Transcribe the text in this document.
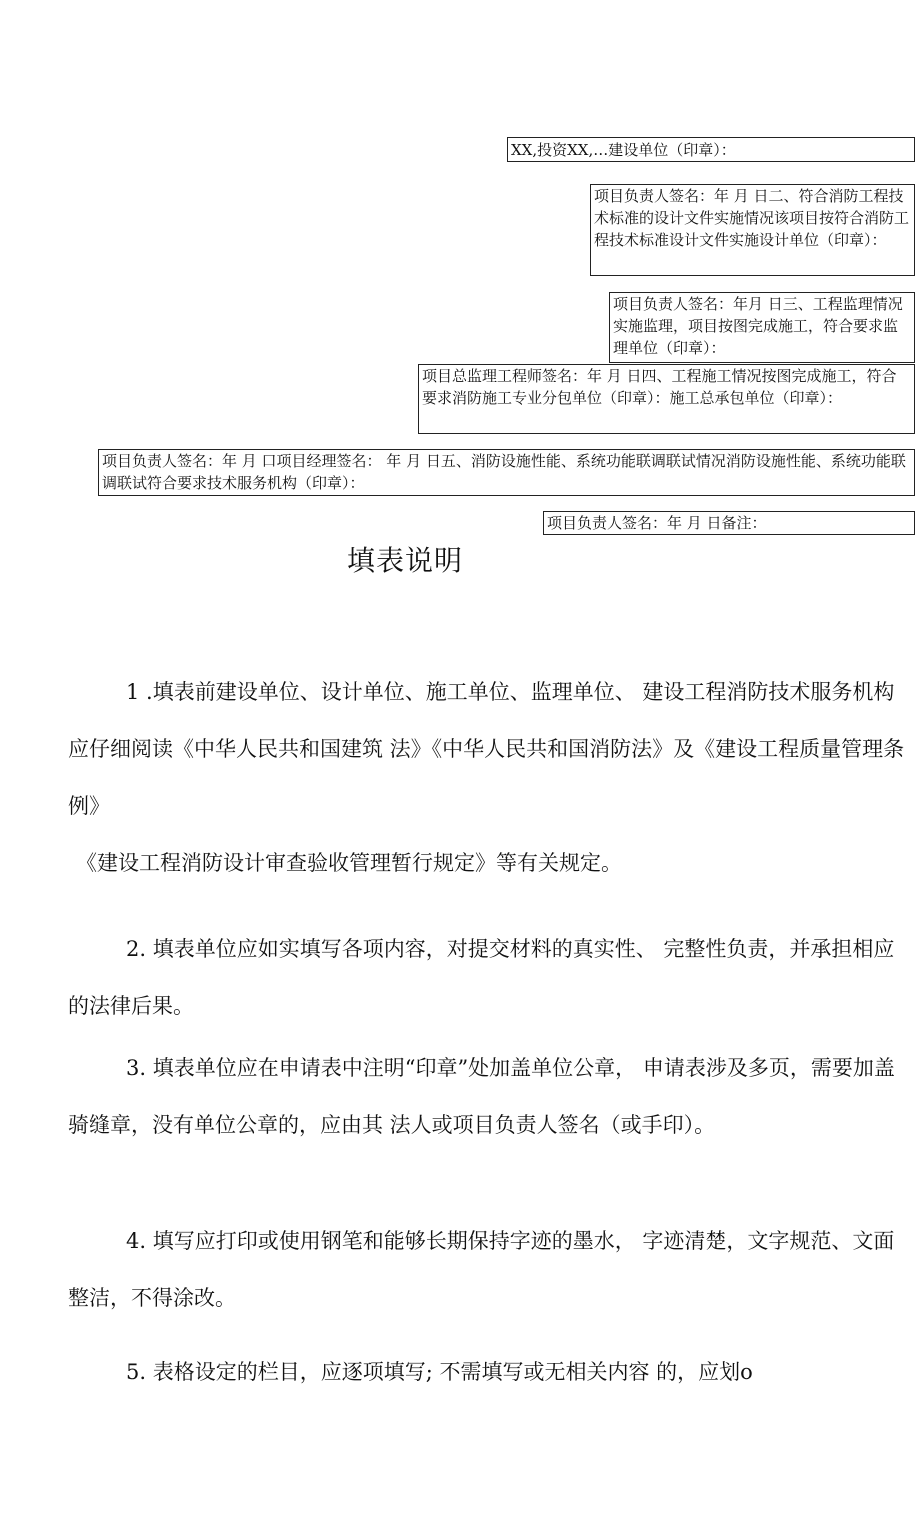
XX,投资XX,…建设单位（印章）：
项目负责人签名：年 月 日二、符合消防工程技术标准的设计文件实施情况该项目按符合消防工程技术标准设计文件实施设计单位（印章）：
项目负责人签名：年月 日三、工程监理情况实施监理，项目按图完成施工，符合要求监理单位（印章）：
项目总监理工程师签名：年 月 日四、工程施工情况按图完成施工，符合要求消防施工专业分包单位（印章）：施工总承包单位（印章）：
项目负责人签名：年 月 口项目经理签名： 年 月 日五、消防设施性能、系统功能联调联试情况消防设施性能、系统功能联调联试符合要求技术服务机构（印章）：
项目负责人签名：年 月 日备注：
填表说明
1 .填表前建设单位、设计单位、施工单位、监理单位、 建设工程消防技术服务机构应仔细阅读《中华人民共和国建筑 法》《中华人民共和国消防法》及《建设工程质量管理条例》
《建设工程消防设计审查验收管理暂行规定》等有关规定。
2. 填表单位应如实填写各项内容，对提交材料的真实性、 完整性负责，并承担相应的法律后果。
3. 填表单位应在申请表中注明“印章”处加盖单位公章， 申请表涉及多页，需要加盖骑缝章，没有单位公章的，应由其 法人或项目负责人签名（或手印）。
4. 填写应打印或使用钢笔和能够长期保持字迹的墨水， 字迹清楚，文字规范、文面整洁，不得涂改。
5. 表格设定的栏目，应逐项填写; 不需填写或无相关内容 的，应划o
